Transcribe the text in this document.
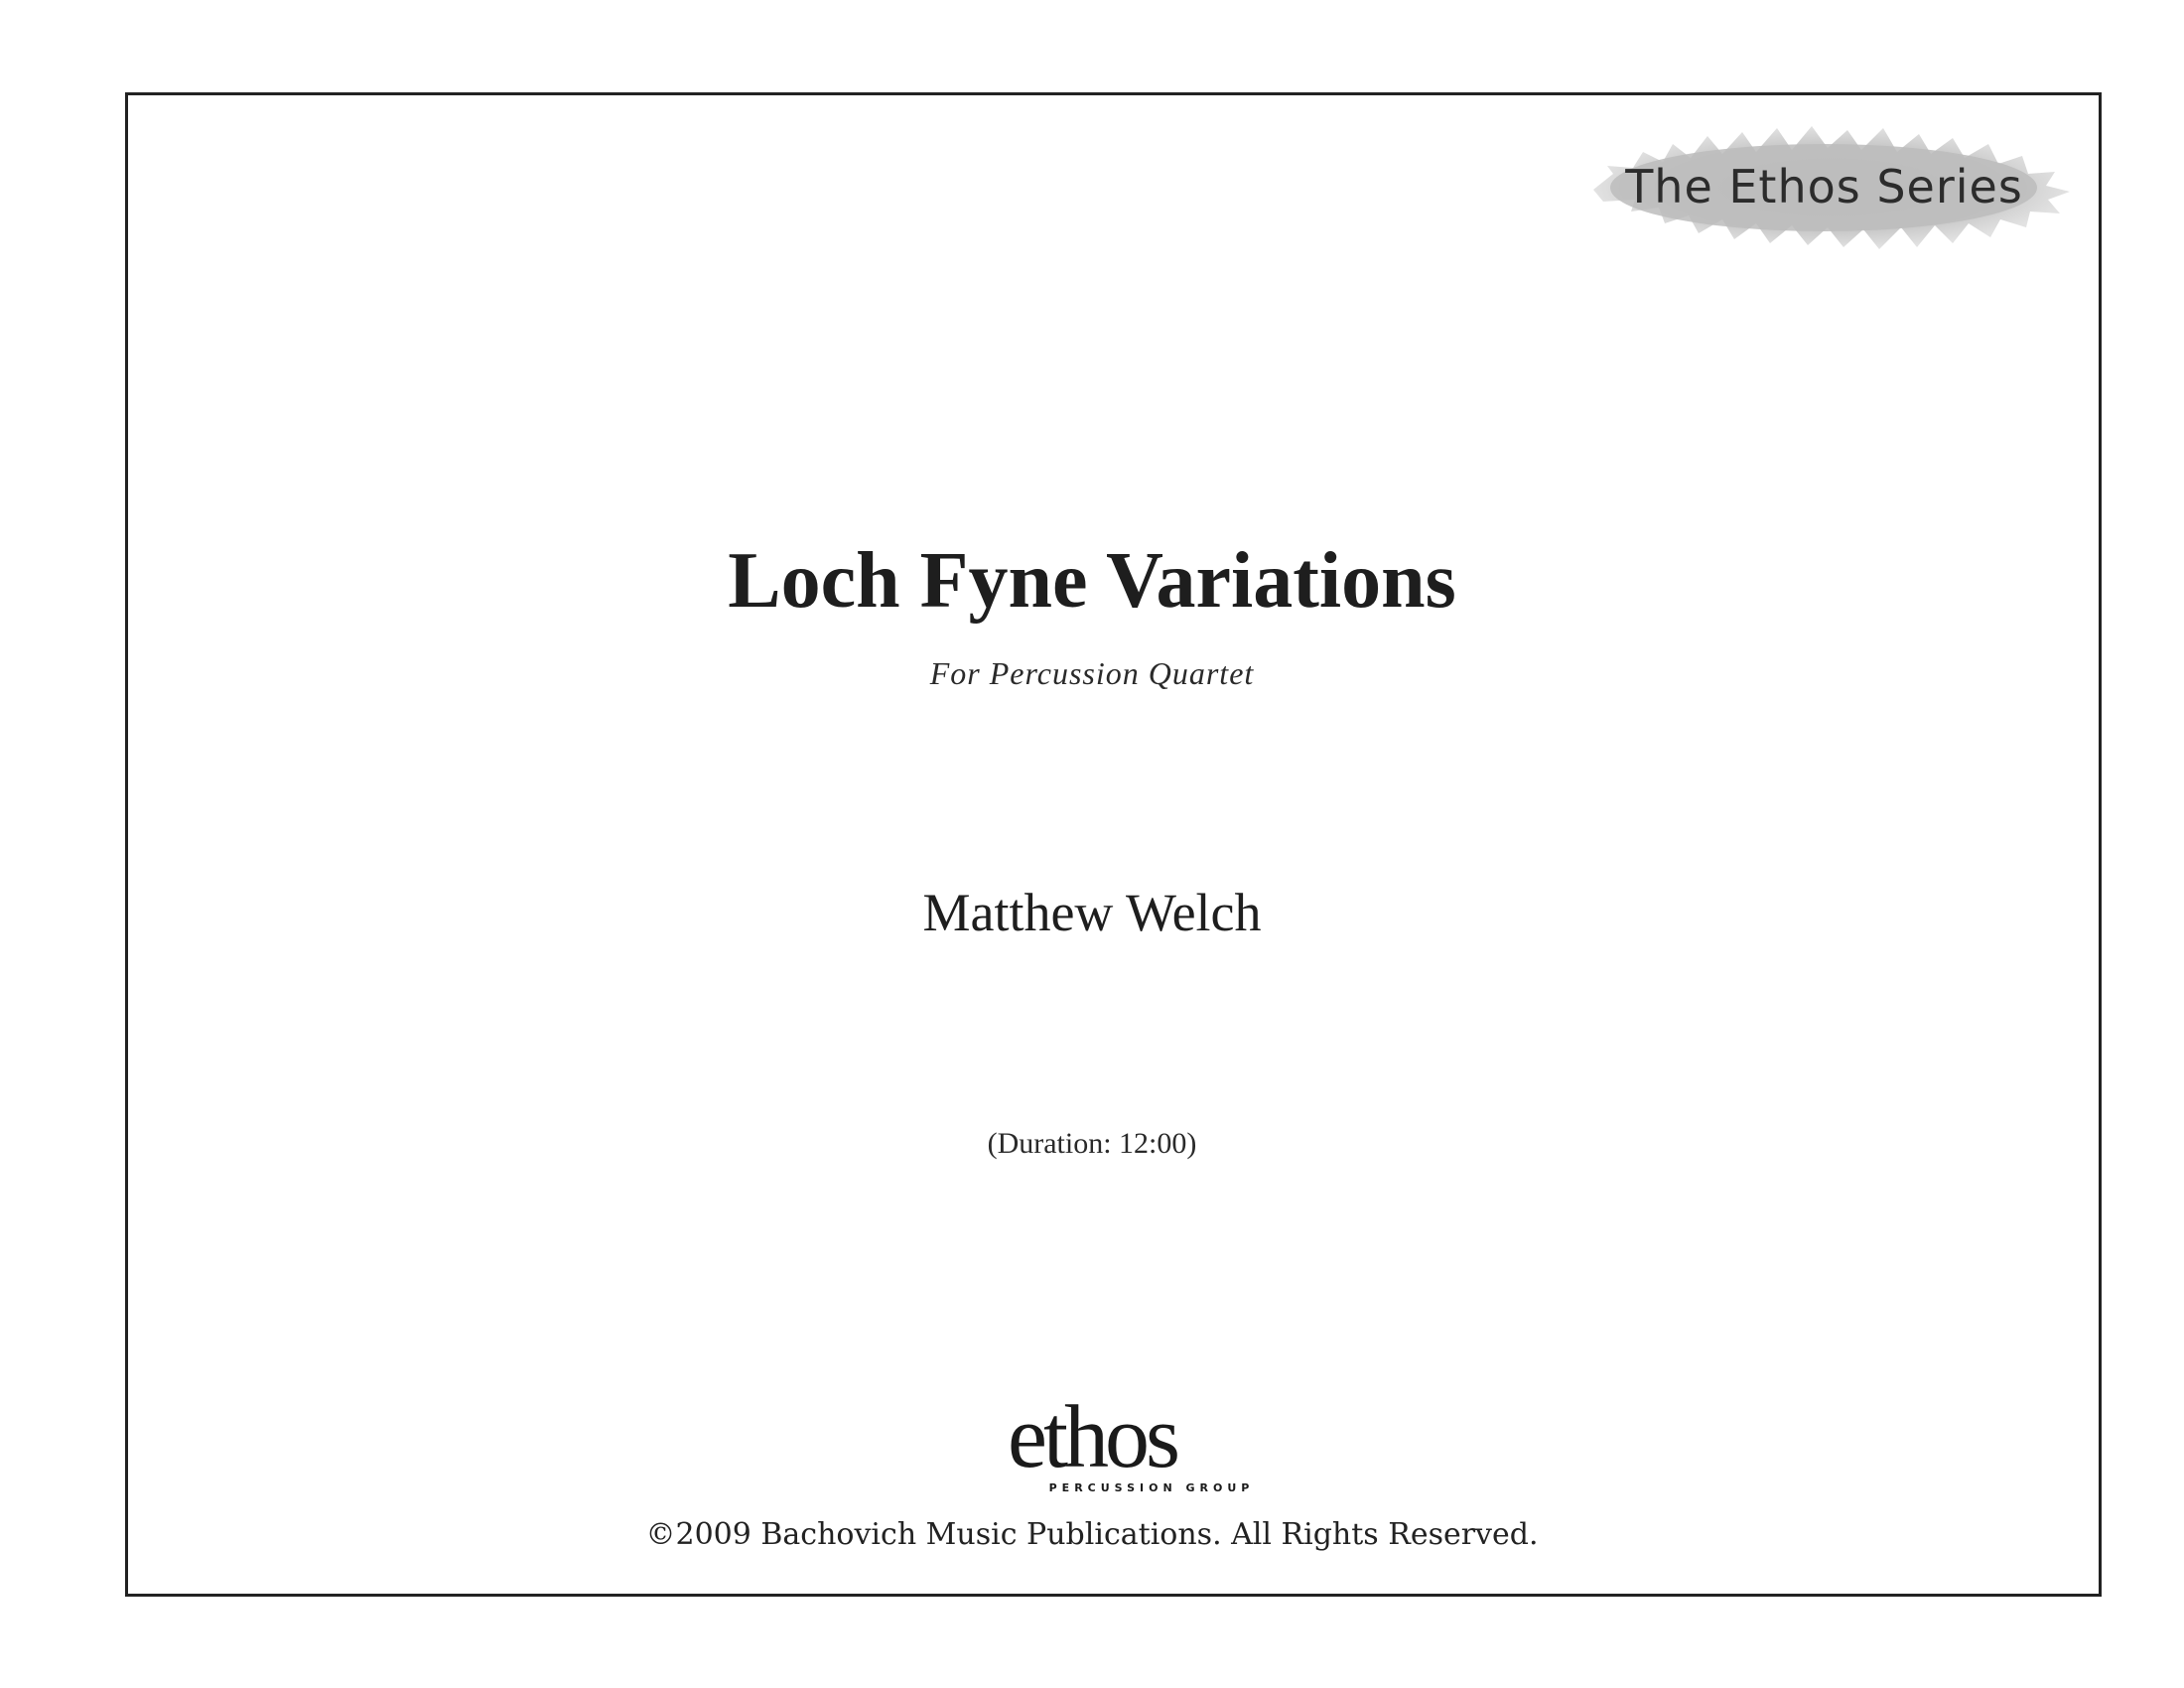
The Ethos Series
Loch Fyne Variations
For Percussion Quartet
Matthew Welch
(Duration: 12:00)
ethos
PERCUSSION GROUP
©2009 Bachovich Music Publications. All Rights Reserved.
